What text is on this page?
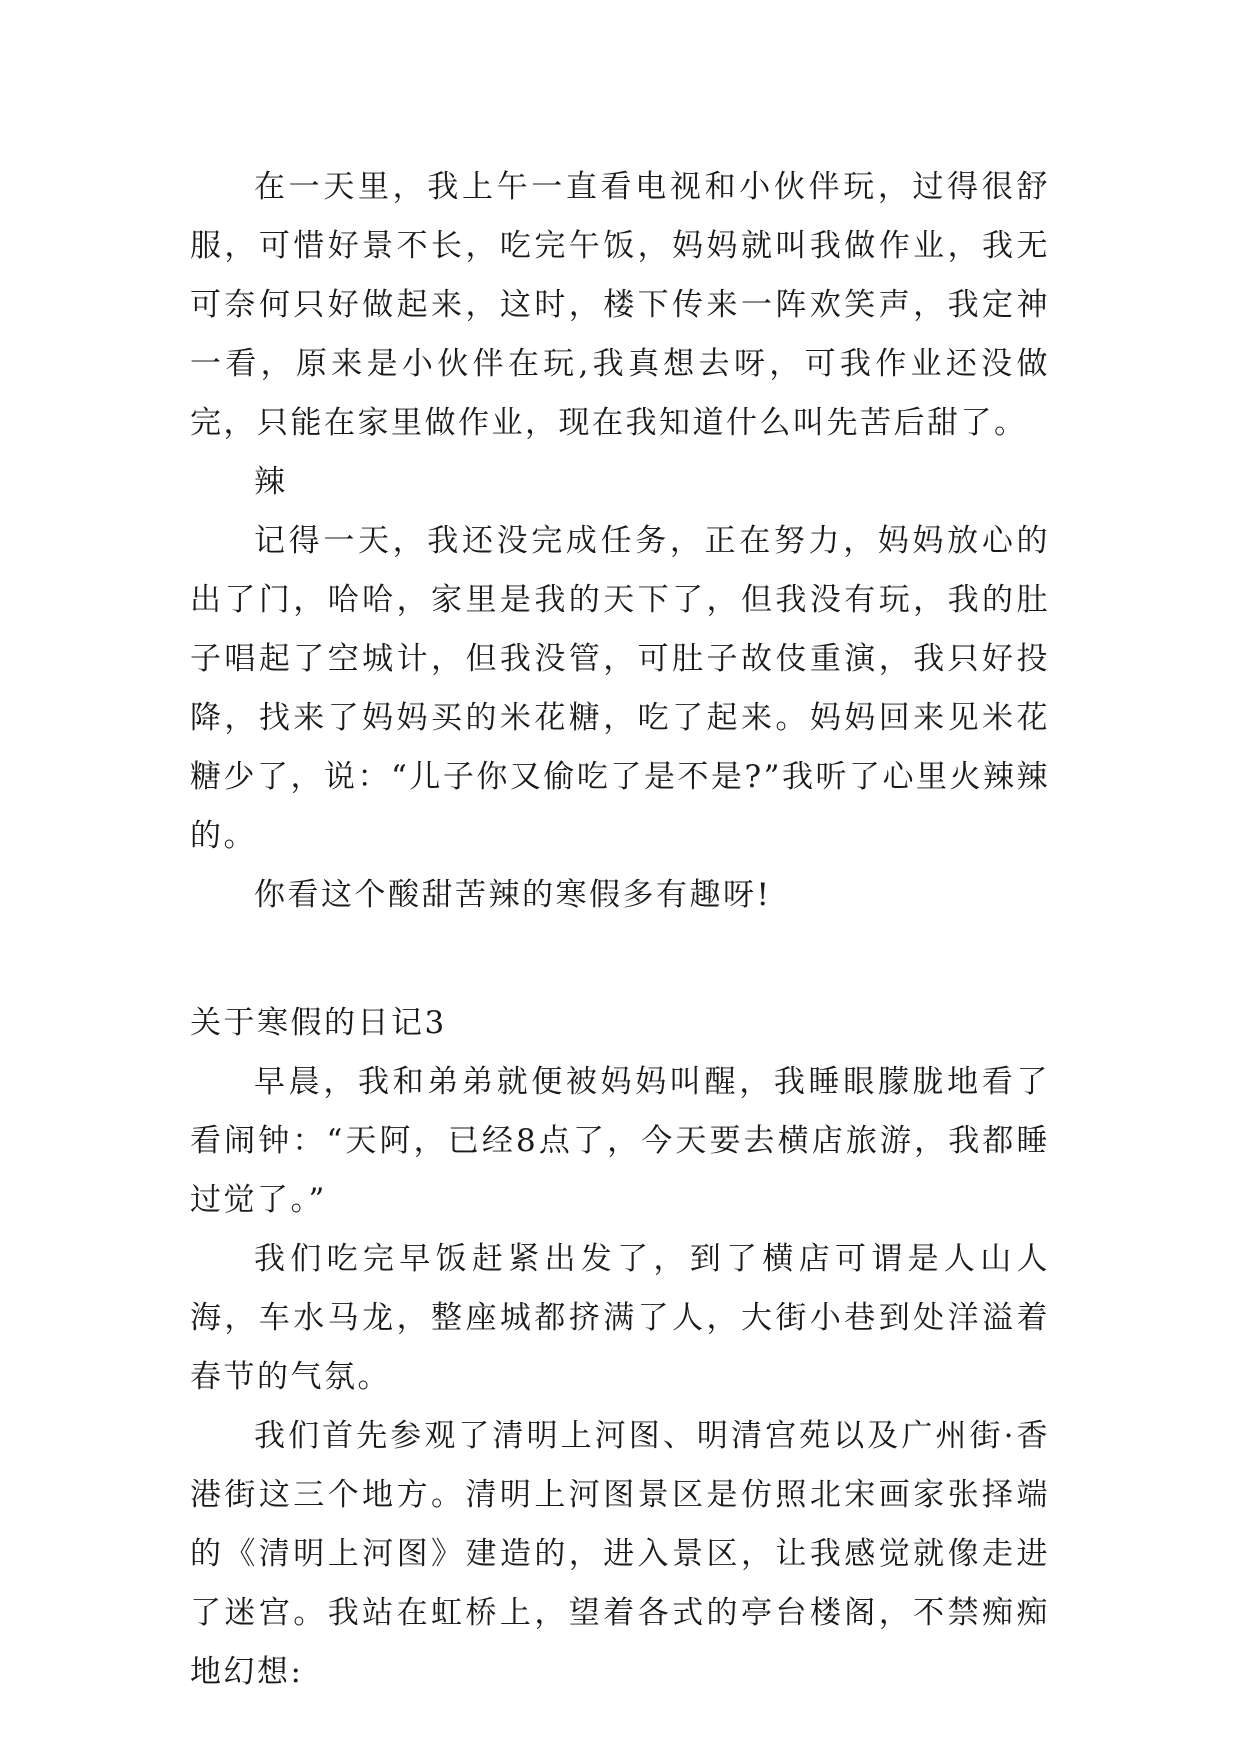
在一天里，我上午一直看电视和小伙伴玩，过得很舒服，可惜好景不长，吃完午饭，妈妈就叫我做作业，我无可奈何只好做起来，这时，楼下传来一阵欢笑声，我定神一看，原来是小伙伴在玩,我真想去呀，可我作业还没做完，只能在家里做作业，现在我知道什么叫先苦后甜了。

辣

记得一天，我还没完成任务，正在努力，妈妈放心的出了门，哈哈，家里是我的天下了，但我没有玩，我的肚子唱起了空城计，但我没管，可肚子故伎重演，我只好投降，找来了妈妈买的米花糖，吃了起来。妈妈回来见米花糖少了，说：“儿子你又偷吃了是不是?”我听了心里火辣辣的。

你看这个酸甜苦辣的寒假多有趣呀!

关于寒假的日记3

早晨，我和弟弟就便被妈妈叫醒，我睡眼朦胧地看了看闹钟：“天阿，已经8点了，今天要去横店旅游，我都睡过觉了。”

我们吃完早饭赶紧出发了，到了横店可谓是人山人海，车水马龙，整座城都挤满了人，大街小巷到处洋溢着春节的气氛。

我们首先参观了清明上河图、明清宫苑以及广州街·香港街这三个地方。清明上河图景区是仿照北宋画家张择端的《清明上河图》建造的，进入景区，让我感觉就像走进了迷宫。我站在虹桥上，望着各式的亭台楼阁，不禁痴痴地幻想:
